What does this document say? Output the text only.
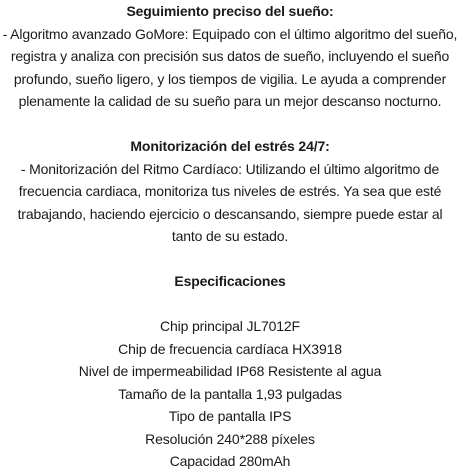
Seguimiento preciso del sueño:

- Algoritmo avanzado GoMore: Equipado con el último algoritmo del sueño, registra y analiza con precisión sus datos de sueño, incluyendo el sueño profundo, sueño ligero, y los tiempos de vigilia. Le ayuda a comprender plenamente la calidad de su sueño para un mejor descanso nocturno.

Monitorización del estrés 24/7:

- Monitorización del Ritmo Cardíaco: Utilizando el último algoritmo de frecuencia cardiaca, monitoriza tus niveles de estrés. Ya sea que esté trabajando, haciendo ejercicio o descansando, siempre puede estar al tanto de su estado.

Especificaciones

Chip principal JL7012F

Chip de frecuencia cardíaca HX3918

Nivel de impermeabilidad IP68 Resistente al agua

Tamaño de la pantalla 1,93 pulgadas

Tipo de pantalla IPS

Resolución 240*288 píxeles

Capacidad 280mAh
